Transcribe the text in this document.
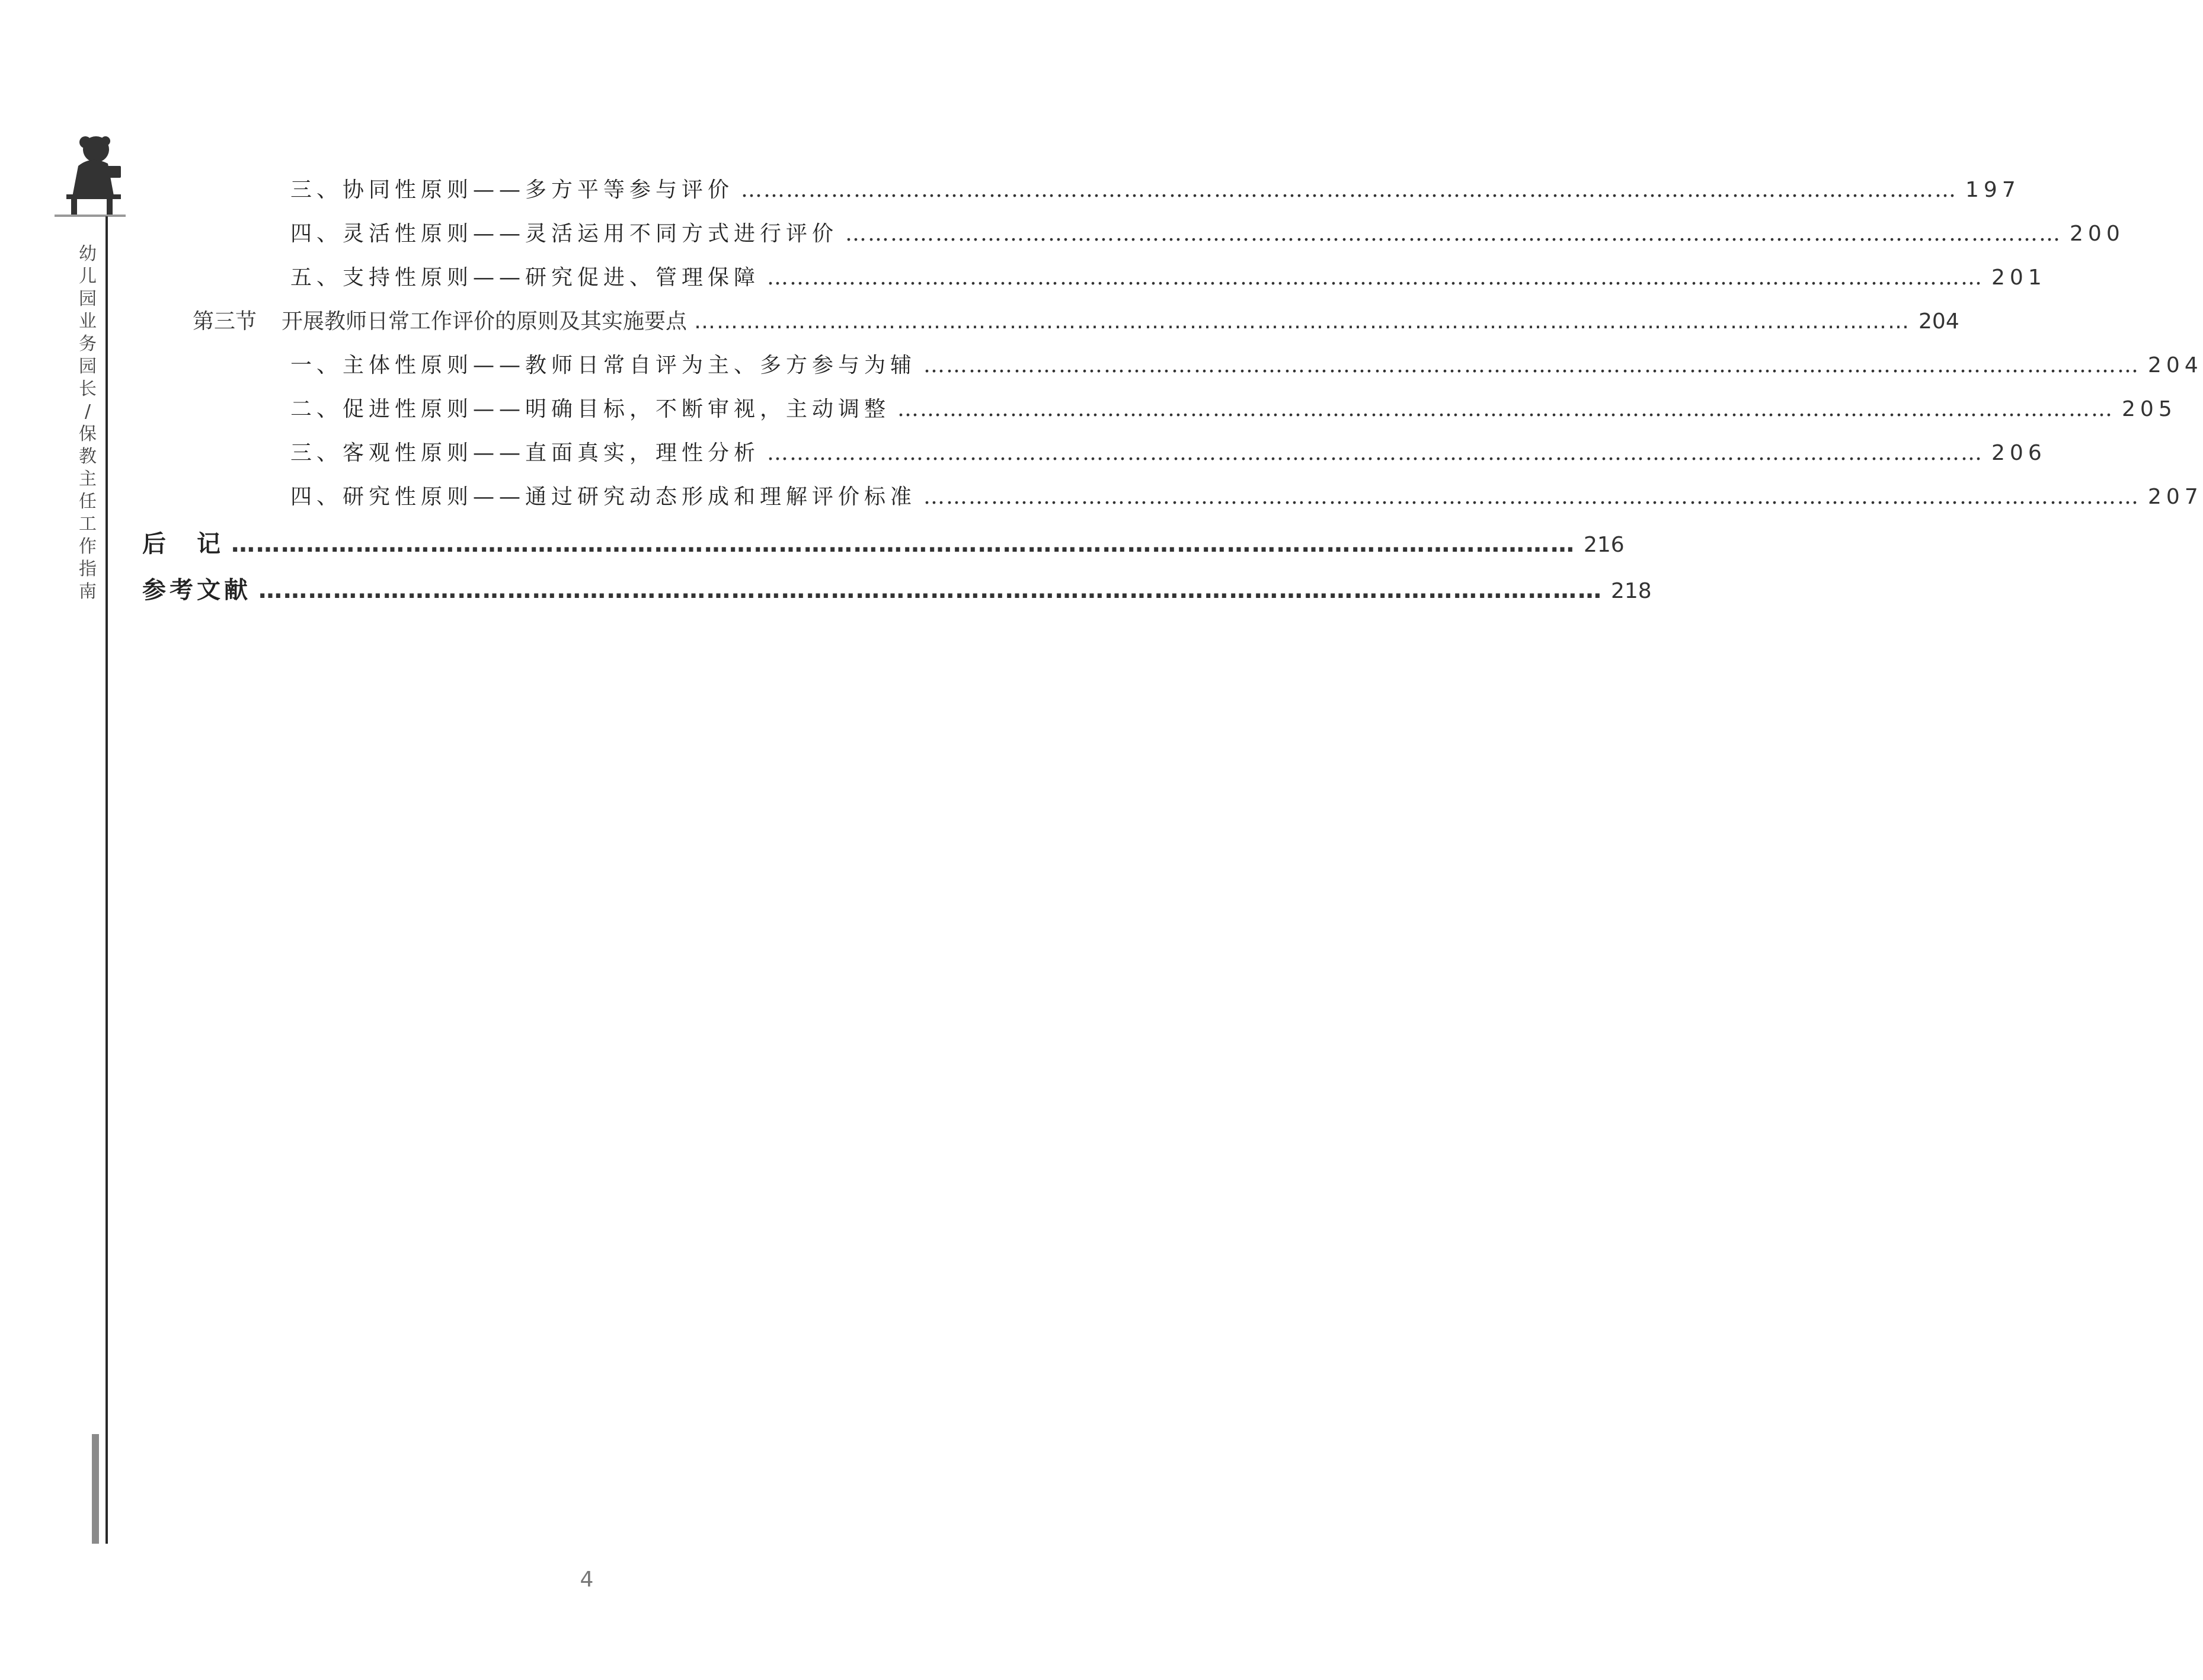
幼
儿
园
业
务
园
长
/
保
教
主
任
工
作
指
南
三、协同性原则——多方平等参与评价 ……………………………………………………………………………………………………………………………………………… 197
四、灵活性原则——灵活运用不同方式进行评价 ……………………………………………………………………………………………………………………………………………… 200
五、支持性原则——研究促进、管理保障 ……………………………………………………………………………………………………………………………………………… 201
第三节 开展教师日常工作评价的原则及其实施要点 ……………………………………………………………………………………………………………………………………………… 204
一、主体性原则——教师日常自评为主、多方参与为辅 ……………………………………………………………………………………………………………………………………………… 204
二、促进性原则——明确目标，不断审视，主动调整 ……………………………………………………………………………………………………………………………………………… 205
三、客观性原则——直面真实，理性分析 ……………………………………………………………………………………………………………………………………………… 206
四、研究性原则——通过研究动态形成和理解评价标准 ……………………………………………………………………………………………………………………………………………… 207
后　记 ……………………………………………………………………………………………………………………………………………… 216
参考文献 ……………………………………………………………………………………………………………………………………………… 218
4
